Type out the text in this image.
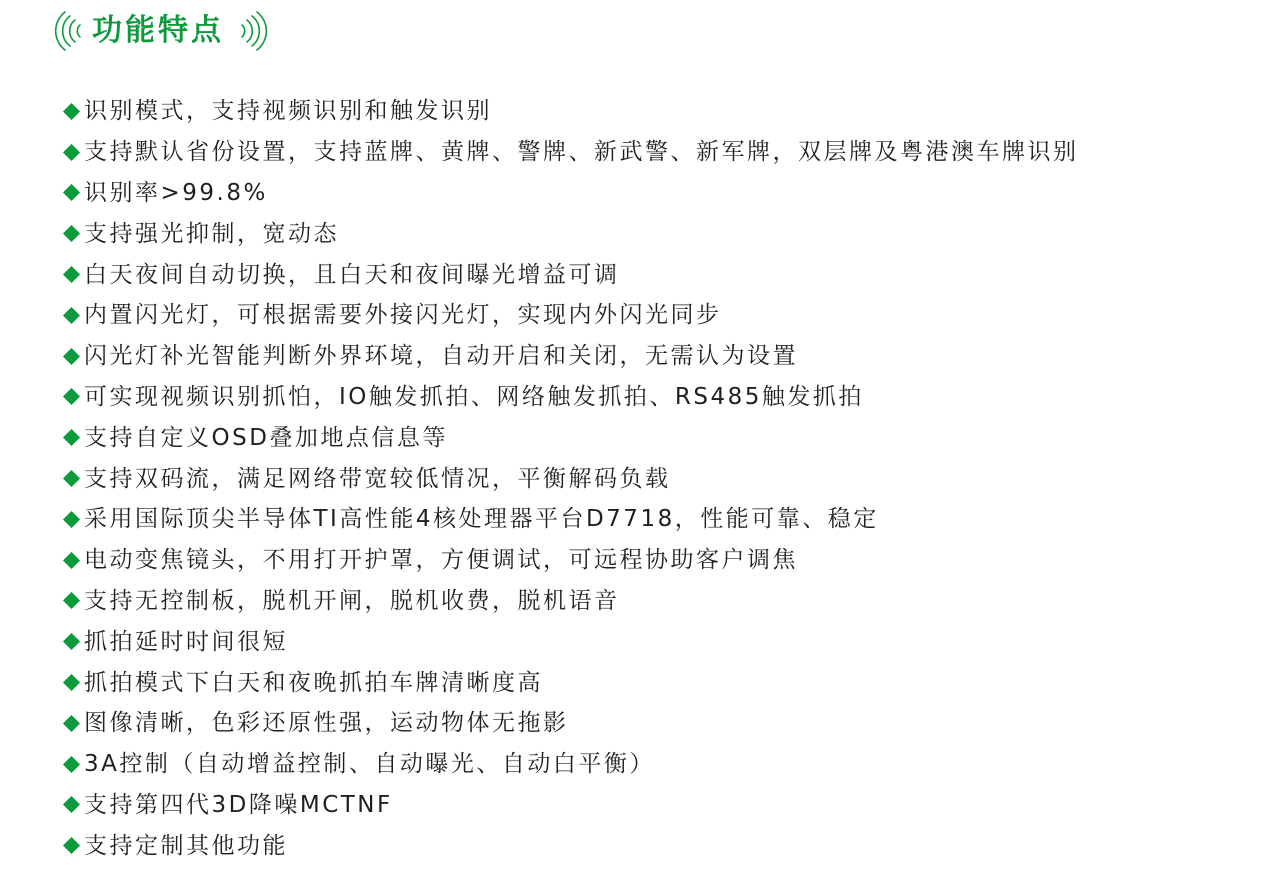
功能特点
识别模式，支持视频识别和触发识别
支持默认省份设置，支持蓝牌、黄牌、警牌、新武警、新军牌，双层牌及粤港澳车牌识别
识别率>99.8%
支持强光抑制，宽动态
白天夜间自动切换，且白天和夜间曝光增益可调
内置闪光灯，可根据需要外接闪光灯，实现内外闪光同步
闪光灯补光智能判断外界环境，自动开启和关闭，无需认为设置
可实现视频识别抓怕，IO触发抓拍、网络触发抓拍、RS485触发抓拍
支持自定义OSD叠加地点信息等
支持双码流，满足网络带宽较低情况，平衡解码负载
采用国际顶尖半导体TI高性能4核处理器平台D7718，性能可靠、稳定
电动变焦镜头，不用打开护罩，方便调试，可远程协助客户调焦
支持无控制板，脱机开闸，脱机收费，脱机语音
抓拍延时时间很短
抓拍模式下白天和夜晚抓拍车牌清晰度高
图像清晰，色彩还原性强，运动物体无拖影
3A控制（自动增益控制、自动曝光、自动白平衡）
支持第四代3D降噪MCTNF
支持定制其他功能
